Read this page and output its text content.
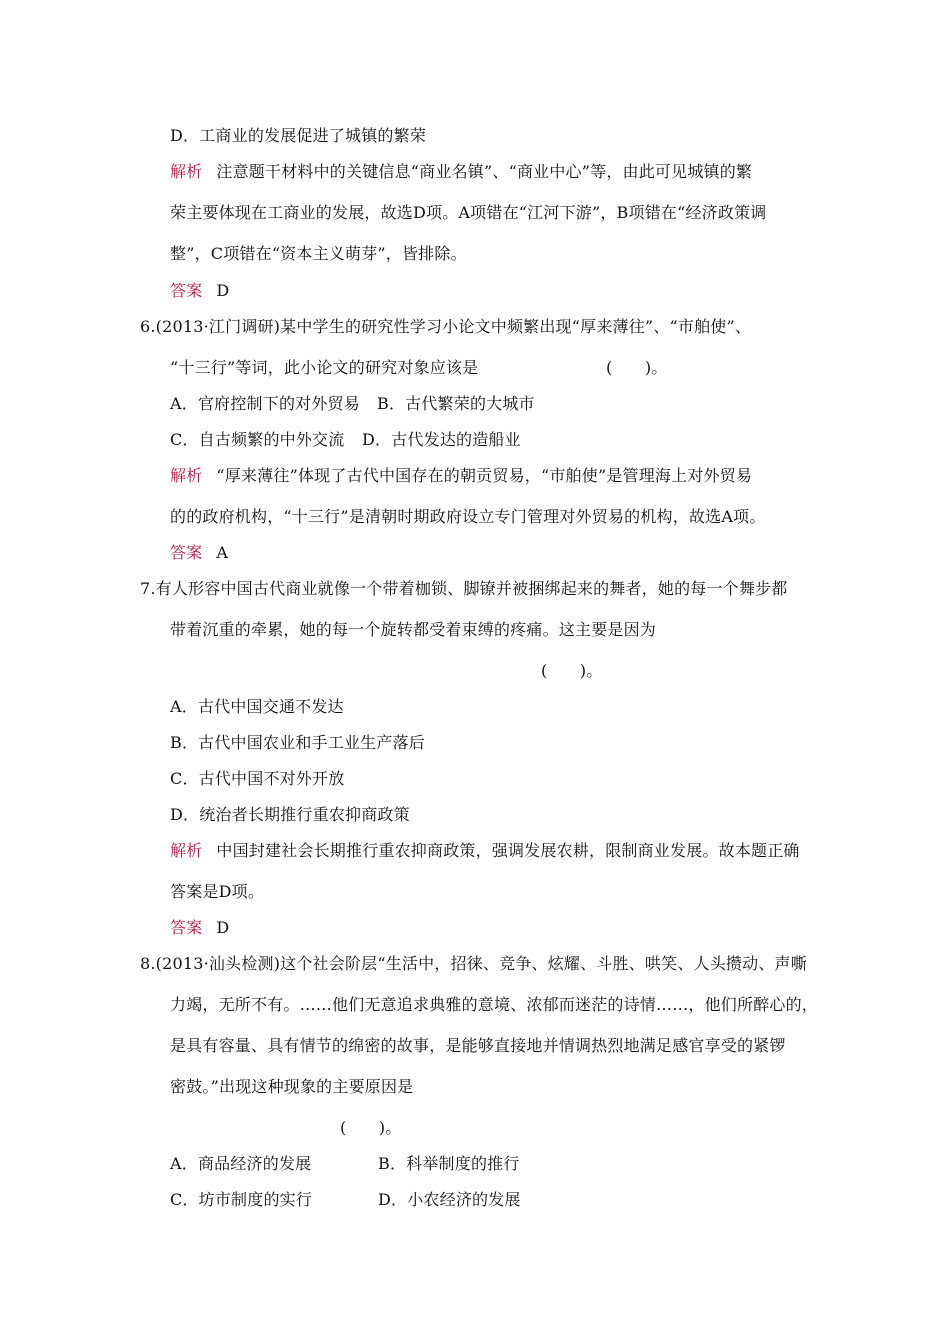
D．工商业的发展促进了城镇的繁荣
解析 注意题干材料中的关键信息“商业名镇”、“商业中心”等，由此可见城镇的繁
荣主要体现在工商业的发展，故选D项。A项错在“江河下游”，B项错在“经济政策调
整”，C项错在“资本主义萌芽”，皆排除。
答案 D
6.(2013·江门调研)某中学生的研究性学习小论文中频繁出现“厚来薄往”、“市舶使”、
“十三行”等词，此小论文的研究对象应该是	(　　)。
A．官府控制下的对外贸易 B．古代繁荣的大城市
C．自古频繁的中外交流 D．古代发达的造船业
解析 “厚来薄往”体现了古代中国存在的朝贡贸易，“市舶使”是管理海上对外贸易
的的政府机构，“十三行”是清朝时期政府设立专门管理对外贸易的机构，故选A项。
答案 A
7.有人形容中国古代商业就像一个带着枷锁、脚镣并被捆绑起来的舞者，她的每一个舞步都
带着沉重的牵累，她的每一个旋转都受着束缚的疼痛。这主要是因为
(　　)。
A．古代中国交通不发达
B．古代中国农业和手工业生产落后
C．古代中国不对外开放
D．统治者长期推行重农抑商政策
解析 中国封建社会长期推行重农抑商政策，强调发展农耕，限制商业发展。故本题正确
答案是D项。
答案 D
8.(2013·汕头检测)这个社会阶层“生活中，招徕、竞争、炫耀、斗胜、哄笑、人头攒动、声嘶
力竭，无所不有。……他们无意追求典雅的意境、浓郁而迷茫的诗情……，他们所醉心的，
是具有容量、具有情节的绵密的故事，是能够直接地并情调热烈地满足感官享受的紧锣
密鼓。”出现这种现象的主要原因是
(　　)。
A．商品经济的发展	B．科举制度的推行
C．坊市制度的实行	D．小农经济的发展
